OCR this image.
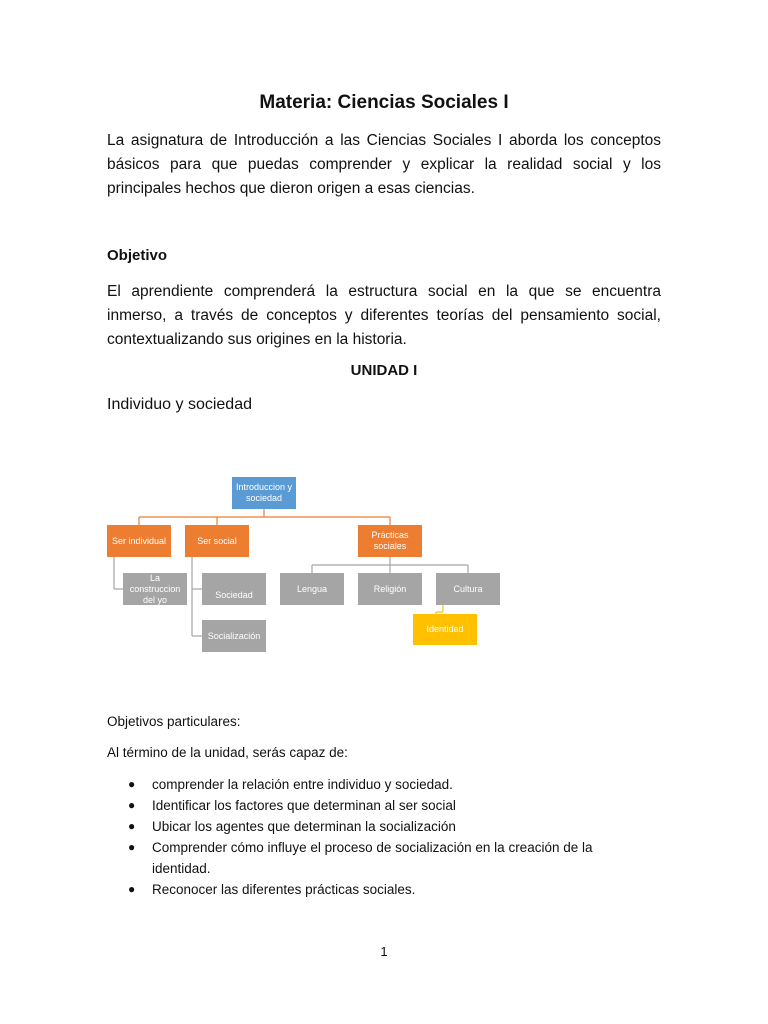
Materia: Ciencias Sociales I

La asignatura de Introducción a las Ciencias Sociales I aborda los conceptos básicos para que puedas comprender y explicar la realidad social y los principales hechos que dieron origen a esas ciencias.

Objetivo

El aprendiente comprenderá la estructura social en la que se encuentra inmerso, a través de conceptos y diferentes teorías del pensamiento social, contextualizando sus origines en la historia.

UNIDAD I

Individuo y sociedad

Introduccion y sociedad
Ser individual
La construccion del yo
Ser social
Sociedad
Socialización
Prácticas sociales
Lengua	Religión	Cultura
Identidad

Objetivos particulares:

Al término de la unidad, serás capaz de:

● comprender la relación entre individuo y sociedad.
● Identificar los factores que determinan al ser social
● Ubicar los agentes que determinan la socialización
● Comprender cómo influye el proceso de socialización en la creación de la identidad.
● Reconocer las diferentes prácticas sociales.

1
